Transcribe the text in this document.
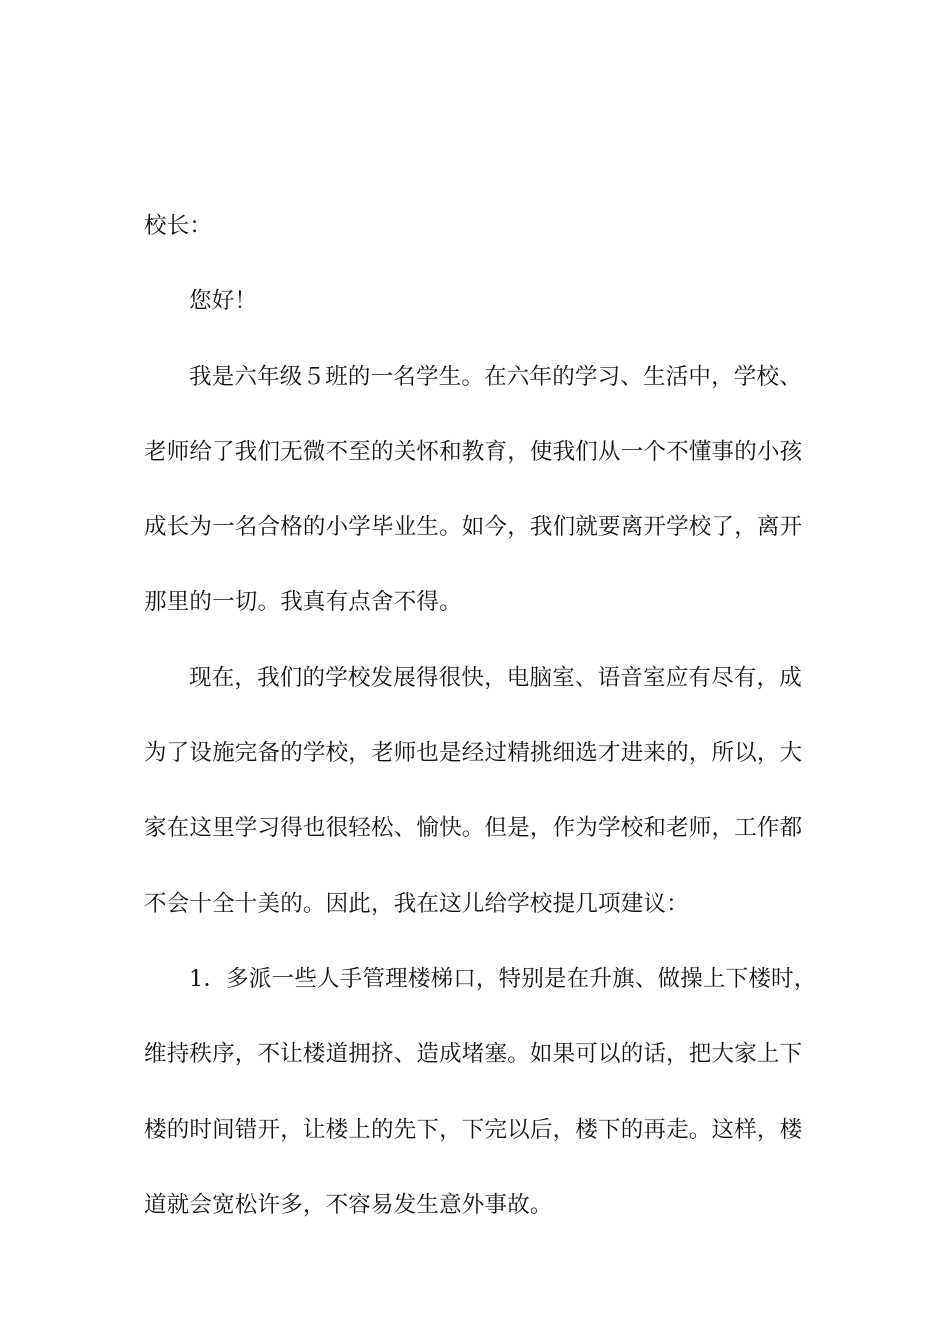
校长：
您好！
我是六年级５班的一名学生。在六年的学习、生活中，学校、
老师给了我们无微不至的关怀和教育，使我们从一个不懂事的小孩
成长为一名合格的小学毕业生。如今，我们就要离开学校了，离开
那里的一切。我真有点舍不得。
现在，我们的学校发展得很快，电脑室、语音室应有尽有，成
为了设施完备的学校，老师也是经过精挑细选才进来的，所以，大
家在这里学习得也很轻松、愉快。但是，作为学校和老师，工作都
不会十全十美的。因此，我在这儿给学校提几项建议：
1．多派一些人手管理楼梯口，特别是在升旗、做操上下楼时，
维持秩序，不让楼道拥挤、造成堵塞。如果可以的话，把大家上下
楼的时间错开，让楼上的先下，下完以后，楼下的再走。这样，楼
道就会宽松许多，不容易发生意外事故。
